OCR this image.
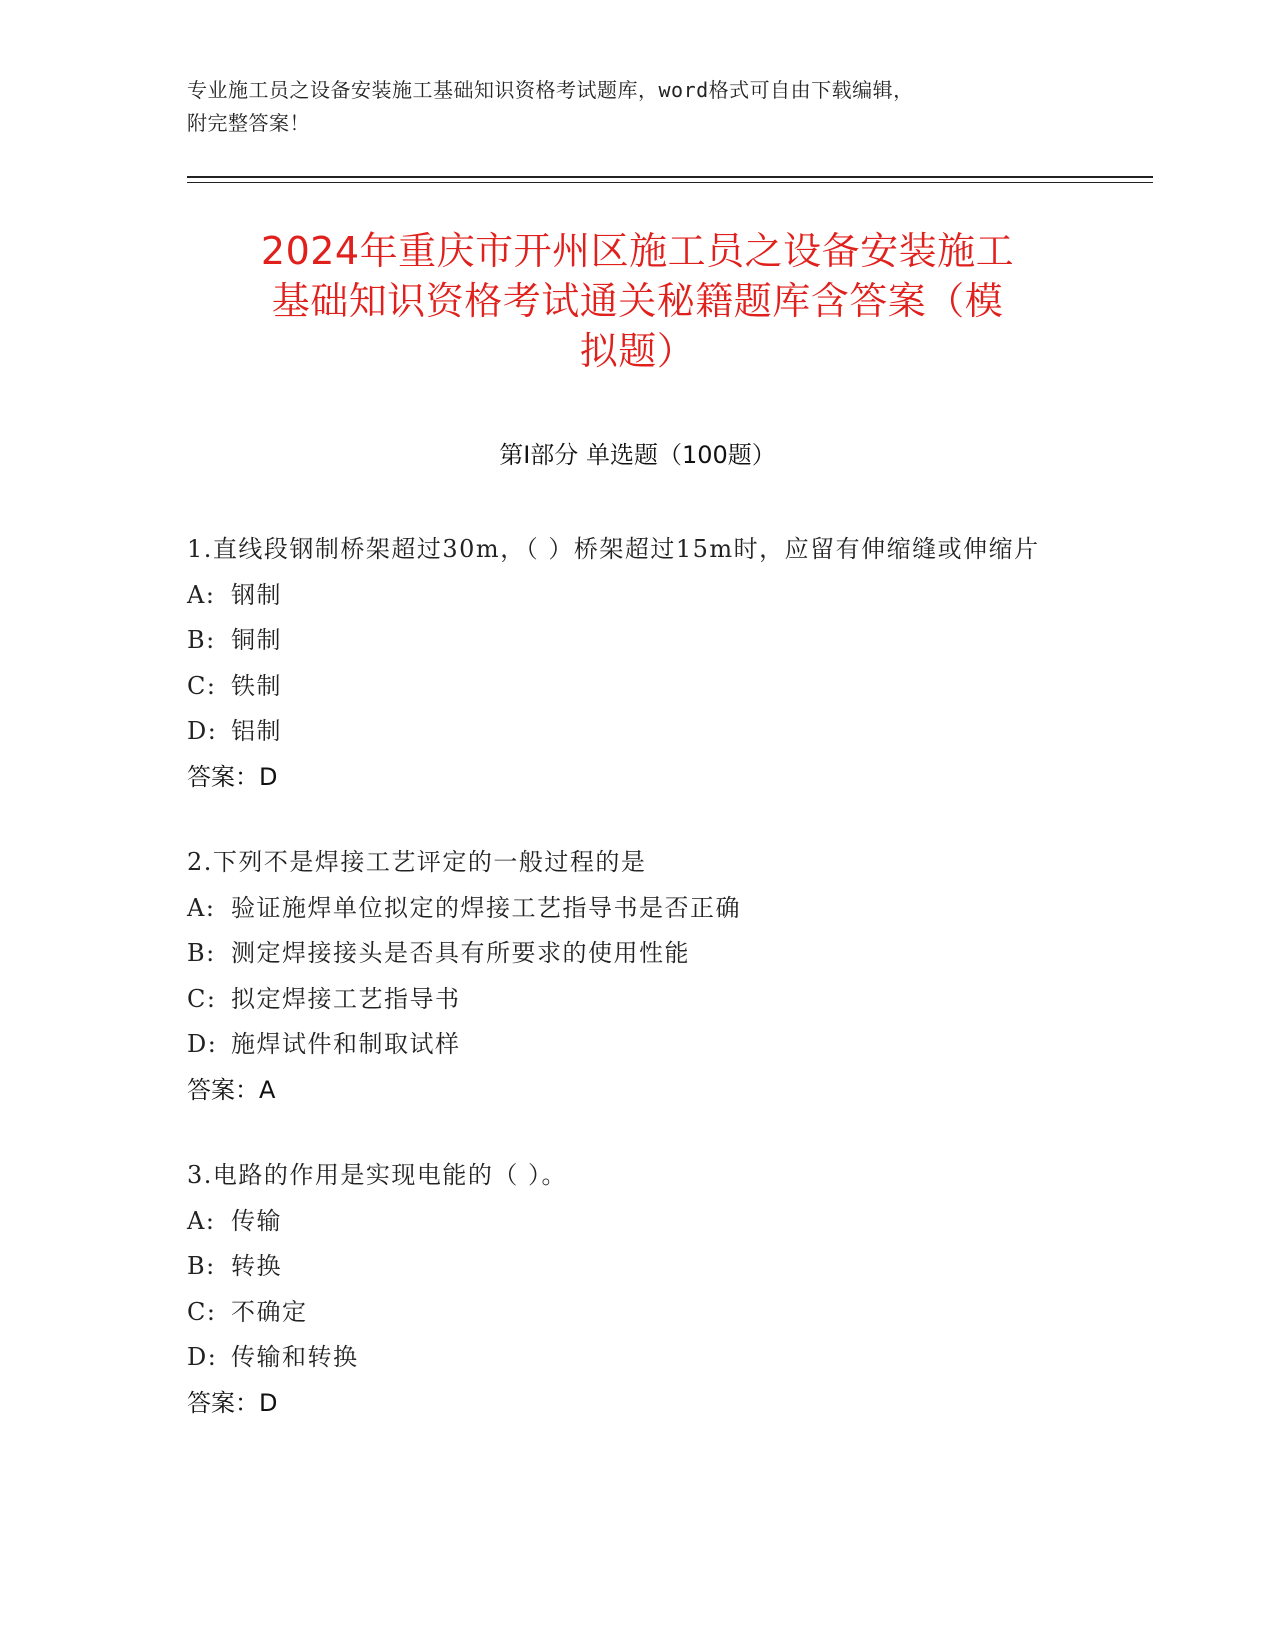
专业施工员之设备安装施工基础知识资格考试题库，word格式可自由下载编辑，
附完整答案！
2024年重庆市开州区施工员之设备安装施工
基础知识资格考试通关秘籍题库含答案（模
拟题）
第Ⅰ部分 单选题（100题）

1.直线段钢制桥架超过30m，（ ）桥架超过15m时，应留有伸缩缝或伸缩片

A: 钢制

B: 铜制

C: 铁制

D: 铝制

答案：D

2.下列不是焊接工艺评定的一般过程的是

A: 验证施焊单位拟定的焊接工艺指导书是否正确

B: 测定焊接接头是否具有所要求的使用性能

C: 拟定焊接工艺指导书

D: 施焊试件和制取试样

答案：A

3.电路的作用是实现电能的（ ）。

A: 传输

B: 转换

C: 不确定

D: 传输和转换

答案：D
